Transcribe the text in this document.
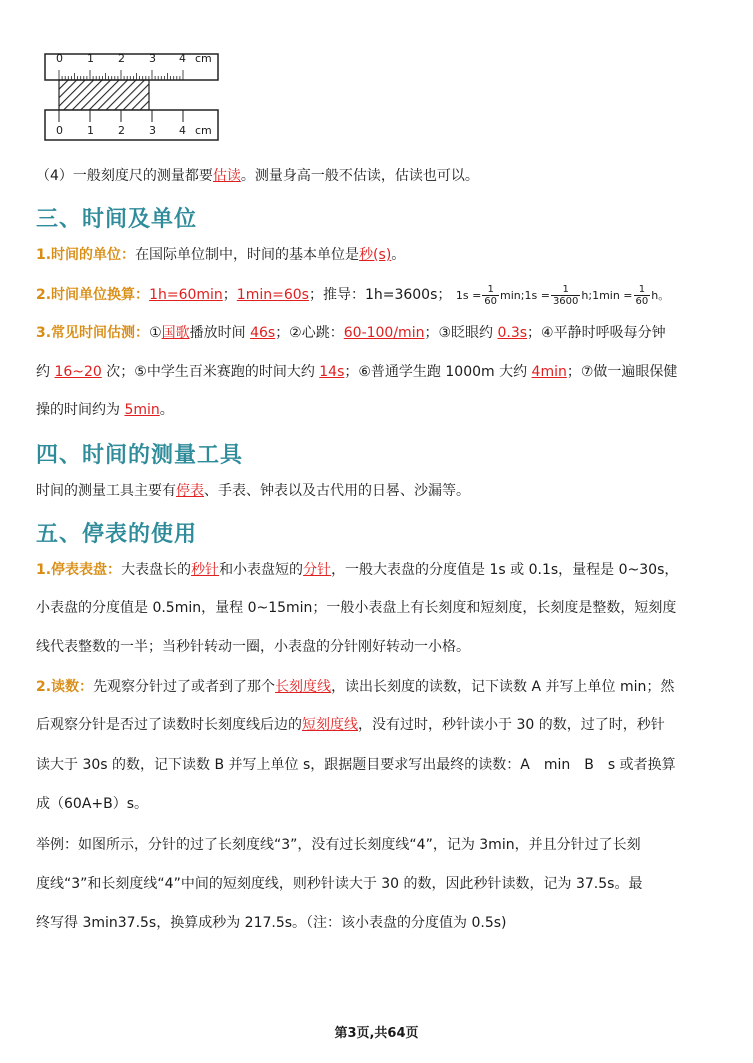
0 1 2 3 4 cm
0 1 2 3 4 cm
（4）一般刻度尺的测量都要估读。测量身高一般不估读，估读也可以。
三、时间及单位
1.时间的单位：在国际单位制中，时间的基本单位是秒(s)。
2.时间单位换算：1h=60min；1min=60s；推导：1h=3600s； $1s = \frac{1}{60}$ min;1s = $\frac{1}{3600}$ h;1min = $\frac{1}{60}$ h。
3.常见时间估测：①国歌播放时间 46s；②心跳：60-100/min；③眨眼约 0.3s；④平静时呼吸每分钟
约 16~20 次；⑤中学生百米赛跑的时间大约 14s；⑥普通学生跑 1000m 大约 4min；⑦做一遍眼保健
操的时间约为 5min。
四、时间的测量工具
时间的测量工具主要有停表、手表、钟表以及古代用的日晷、沙漏等。
五、停表的使用
1.停表表盘：大表盘长的秒针和小表盘短的分针，一般大表盘的分度值是 1s 或 0.1s，量程是 0~30s，
小表盘的分度值是 0.5min，量程 0~15min；一般小表盘上有长刻度和短刻度，长刻度是整数，短刻度
线代表整数的一半；当秒针转动一圈，小表盘的分针刚好转动一小格。
2.读数：先观察分针过了或者到了那个长刻度线，读出长刻度的读数，记下读数 A 并写上单位 min；然
后观察分针是否过了读数时长刻度线后边的短刻度线，没有过时，秒针读小于 30 的数，过了时，秒针
读大于 30s 的数，记下读数 B 并写上单位 s，跟据题目要求写出最终的读数：A　min　B　s 或者换算
成（60A+B）s。
举例：如图所示，分针的过了长刻度线“3”，没有过长刻度线“4”，记为 3min，并且分针过了长刻
度线“3”和长刻度线“4”中间的短刻度线，则秒针读大于 30 的数，因此秒针读数，记为 37.5s。最
终写得 3min37.5s，换算成秒为 217.5s。（注：该小表盘的分度值为 0.5s)
第3页,共64页
